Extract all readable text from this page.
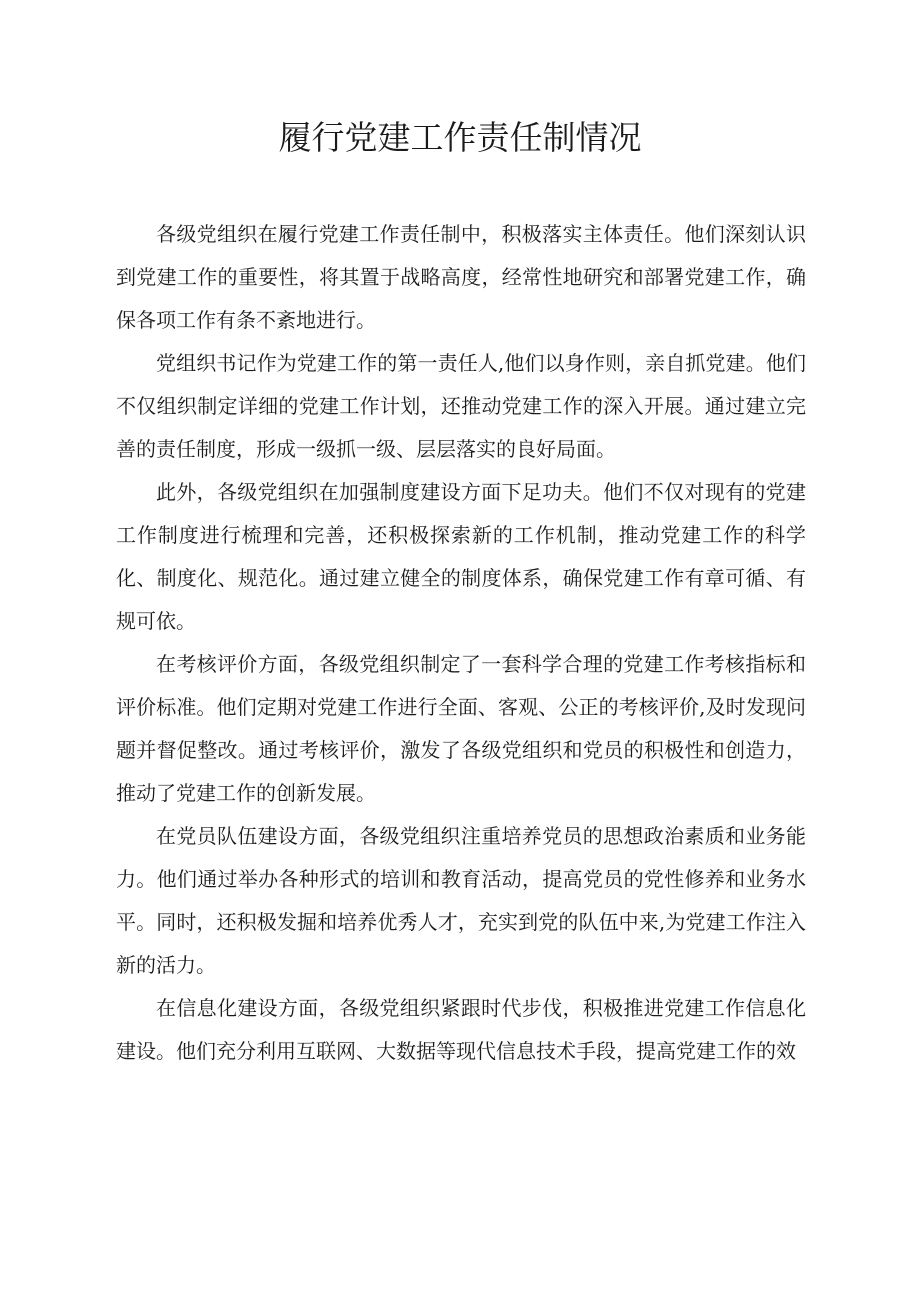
履行党建工作责任制情况

各级党组织在履行党建工作责任制中，积极落实主体责任。他们深刻认识到党建工作的重要性，将其置于战略高度，经常性地研究和部署党建工作，确保各项工作有条不紊地进行。

党组织书记作为党建工作的第一责任人,他们以身作则，亲自抓党建。他们不仅组织制定详细的党建工作计划，还推动党建工作的深入开展。通过建立完善的责任制度，形成一级抓一级、层层落实的良好局面。

此外，各级党组织在加强制度建设方面下足功夫。他们不仅对现有的党建工作制度进行梳理和完善，还积极探索新的工作机制，推动党建工作的科学化、制度化、规范化。通过建立健全的制度体系，确保党建工作有章可循、有规可依。

在考核评价方面，各级党组织制定了一套科学合理的党建工作考核指标和评价标准。他们定期对党建工作进行全面、客观、公正的考核评价,及时发现问题并督促整改。通过考核评价，激发了各级党组织和党员的积极性和创造力，推动了党建工作的创新发展。

在党员队伍建设方面，各级党组织注重培养党员的思想政治素质和业务能力。他们通过举办各种形式的培训和教育活动，提高党员的党性修养和业务水平。同时，还积极发掘和培养优秀人才，充实到党的队伍中来,为党建工作注入新的活力。

在信息化建设方面，各级党组织紧跟时代步伐，积极推进党建工作信息化建设。他们充分利用互联网、大数据等现代信息技术手段，提高党建工作的效
